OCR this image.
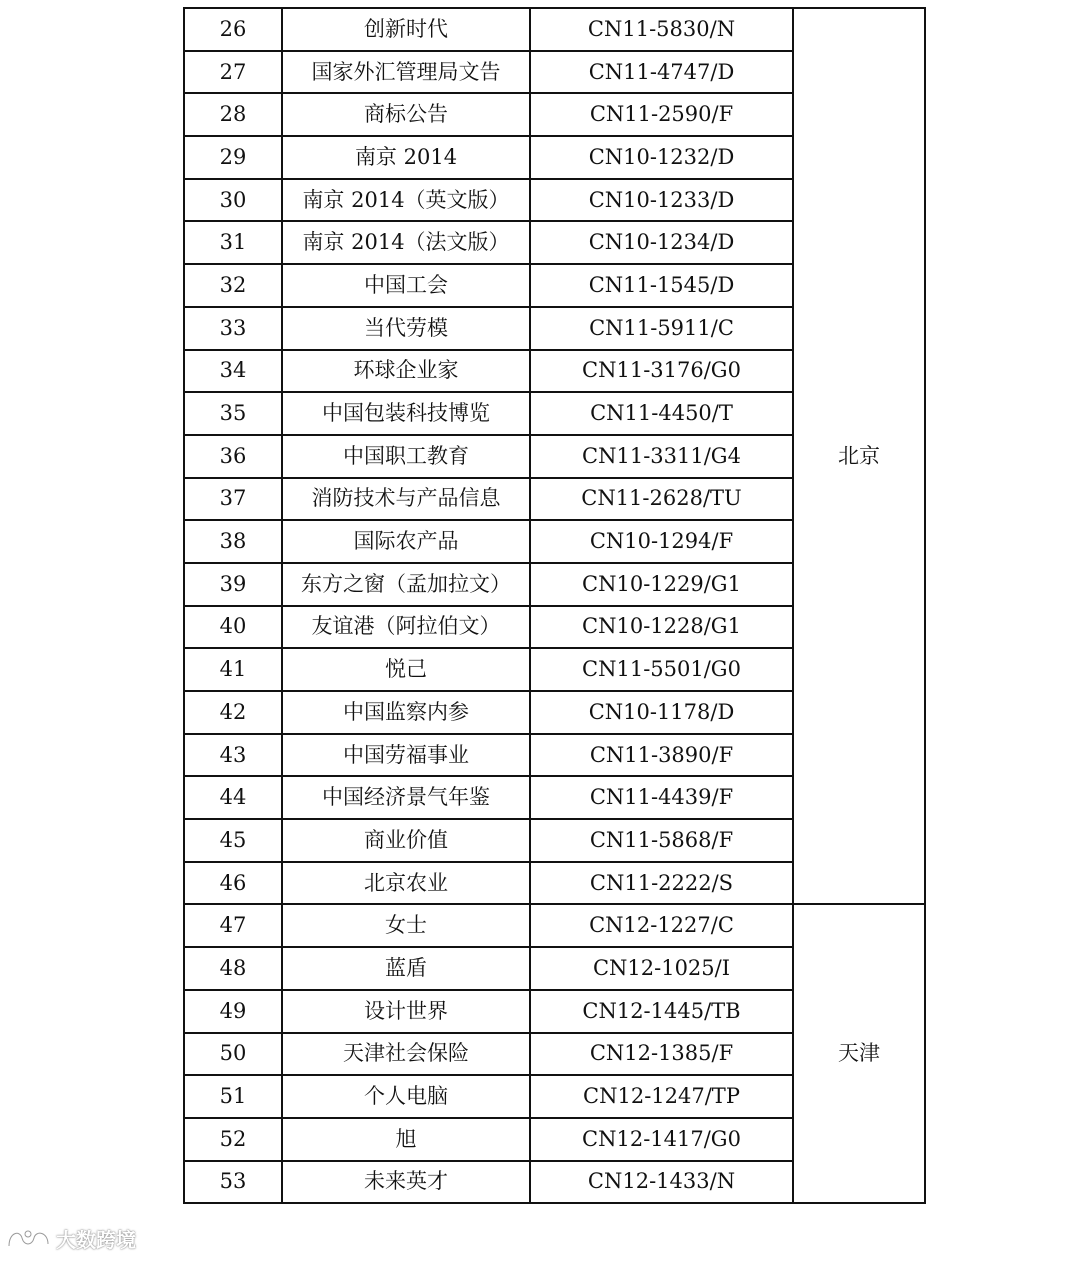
26	创新时代	CN11-5830/N	北京
27	国家外汇管理局文告	CN11-4747/D	
28	商标公告	CN11-2590/F	
29	南京 2014	CN10-1232/D	
30	南京 2014（英文版）	CN10-1233/D	
31	南京 2014（法文版）	CN10-1234/D	
32	中国工会	CN11-1545/D	
33	当代劳模	CN11-5911/C	
34	环球企业家	CN11-3176/G0	
35	中国包装科技博览	CN11-4450/T	
36	中国职工教育	CN11-3311/G4	
37	消防技术与产品信息	CN11-2628/TU	
38	国际农产品	CN10-1294/F	
39	东方之窗（孟加拉文）	CN10-1229/G1	
40	友谊港（阿拉伯文）	CN10-1228/G1	
41	悦己	CN11-5501/G0	
42	中国监察内参	CN10-1178/D	
43	中国劳福事业	CN11-3890/F	
44	中国经济景气年鉴	CN11-4439/F	
45	商业价值	CN11-5868/F	
46	北京农业	CN11-2222/S	
47	女士	CN12-1227/C	天津
48	蓝盾	CN12-1025/I	
49	设计世界	CN12-1445/TB	
50	天津社会保险	CN12-1385/F	
51	个人电脑	CN12-1247/TP	
52	旭	CN12-1417/G0	
53	未来英才	CN12-1433/N	
大数跨境
